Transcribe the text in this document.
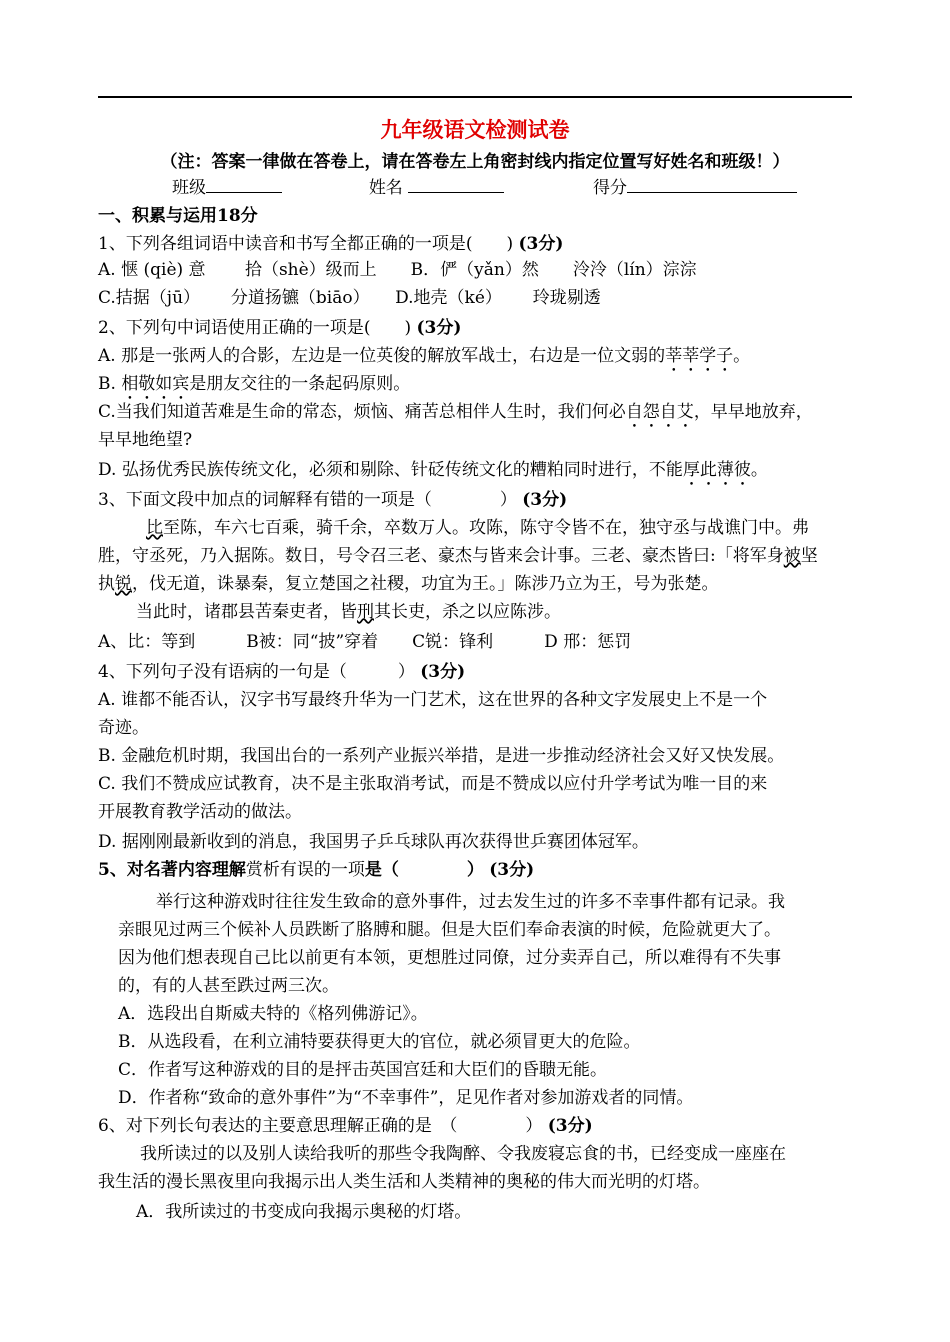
九年级语文检测试卷
（注：答案一律做在答卷上，请在答卷左上角密封线内指定位置写好姓名和班级！）
班级	姓名	得分
一、积累与运用18分
1、下列各组词语中读音和书写全都正确的一项是(　　) (3分)
A. 惬 (qiè) 意　　 拾（shè）级而上　　B．俨（yǎn）然　　泠泠（lín）淙淙
C.拮据（jū）　　 分道扬镳（biāo）　　D.地壳（ké）　　 玲珑剔透
2、下列句中词语使用正确的一项是(　　) (3分)
A. 那是一张两人的合影，左边是一位英俊的解放军战士，右边是一位文弱的莘莘学子。
B. 相敬如宾是朋友交往的一条起码原则。
C.当我们知道苦难是生命的常态，烦恼、痛苦总相伴人生时，我们何必自怨自艾，早早地放弃，
早早地绝望?
D. 弘扬优秀民族传统文化，必须和剔除、针砭传统文化的糟粕同时进行，不能厚此薄彼。
3、下面文段中加点的词解释有错的一项是（　　　　） (3分)
比至陈，车六七百乘，骑千余，卒数万人。攻陈，陈守令皆不在，独守丞与战谯门中。弗
胜，守丞死，乃入据陈。数日，号令召三老、豪杰与皆来会计事。三老、豪杰皆曰:「将军身被坚
执锐，伐无道，诛暴秦，复立楚国之社稷，功宜为王。」陈涉乃立为王，号为张楚。
当此时，诸郡县苦秦吏者，皆刑其长吏，杀之以应陈涉。
A、比：等到　　　B被：同“披”穿着　　C锐：锋利　　　D 邢：惩罚
4、下列句子没有语病的一句是（　　　） (3分)
A. 谁都不能否认，汉字书写最终升华为一门艺术，这在世界的各种文字发展史上不是一个
奇迹。
B. 金融危机时期，我国出台的一系列产业振兴举措，是进一步推动经济社会又好又快发展。
C. 我们不赞成应试教育，决不是主张取消考试，而是不赞成以应付升学考试为唯一目的来
开展教育教学活动的做法。
D. 据刚刚最新收到的消息，我国男子乒乓球队再次获得世乒赛团体冠军。
5、对名著内容理解赏析有误的一项是（　　　　） (3分)
举行这种游戏时往往发生致命的意外事件，过去发生过的许多不幸事件都有记录。我
亲眼见过两三个候补人员跌断了胳膊和腿。但是大臣们奉命表演的时候，危险就更大了。
因为他们想表现自己比以前更有本领，更想胜过同僚，过分卖弄自己，所以难得有不失事
的，有的人甚至跌过两三次。
A．选段出自斯威夫特的《格列佛游记》。
B．从选段看，在利立浦特要获得更大的官位，就必须冒更大的危险。
C．作者写这种游戏的目的是抨击英国宫廷和大臣们的昏聩无能。
D．作者称“致命的意外事件”为“不幸事件”，足见作者对参加游戏者的同情。
6、对下列长句表达的主要意思理解正确的是　（　　　　） (3分)
我所读过的以及别人读给我听的那些令我陶醉、令我废寝忘食的书，已经变成一座座在
我生活的漫长黑夜里向我揭示出人类生活和人类精神的奥秘的伟大而光明的灯塔。
A．我所读过的书变成向我揭示奥秘的灯塔。
